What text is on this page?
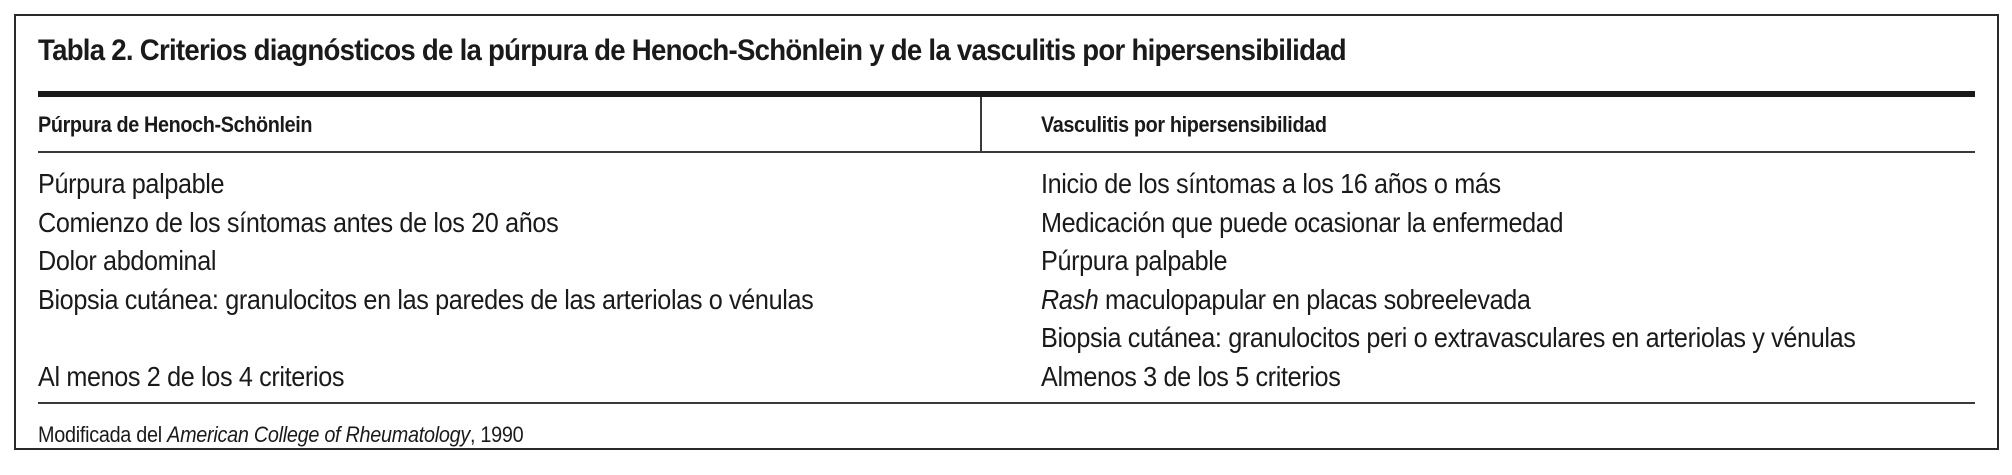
Tabla 2. Criterios diagnósticos de la púrpura de Henoch-Schönlein y de la vasculitis por hipersensibilidad
Púrpura de Henoch-Schönlein	Vasculitis por hipersensibilidad
Púrpura palpable
Comienzo de los síntomas antes de los 20 años
Dolor abdominal
Biopsia cutánea: granulocitos en las paredes de las arteriolas o vénulas
Al menos 2 de los 4 criterios
Inicio de los síntomas a los 16 años o más
Medicación que puede ocasionar la enfermedad
Púrpura palpable
Rash maculopapular en placas sobreelevada
Biopsia cutánea: granulocitos peri o extravasculares en arteriolas y vénulas
Almenos 3 de los 5 criterios
Modificada del American College of Rheumatology, 1990
